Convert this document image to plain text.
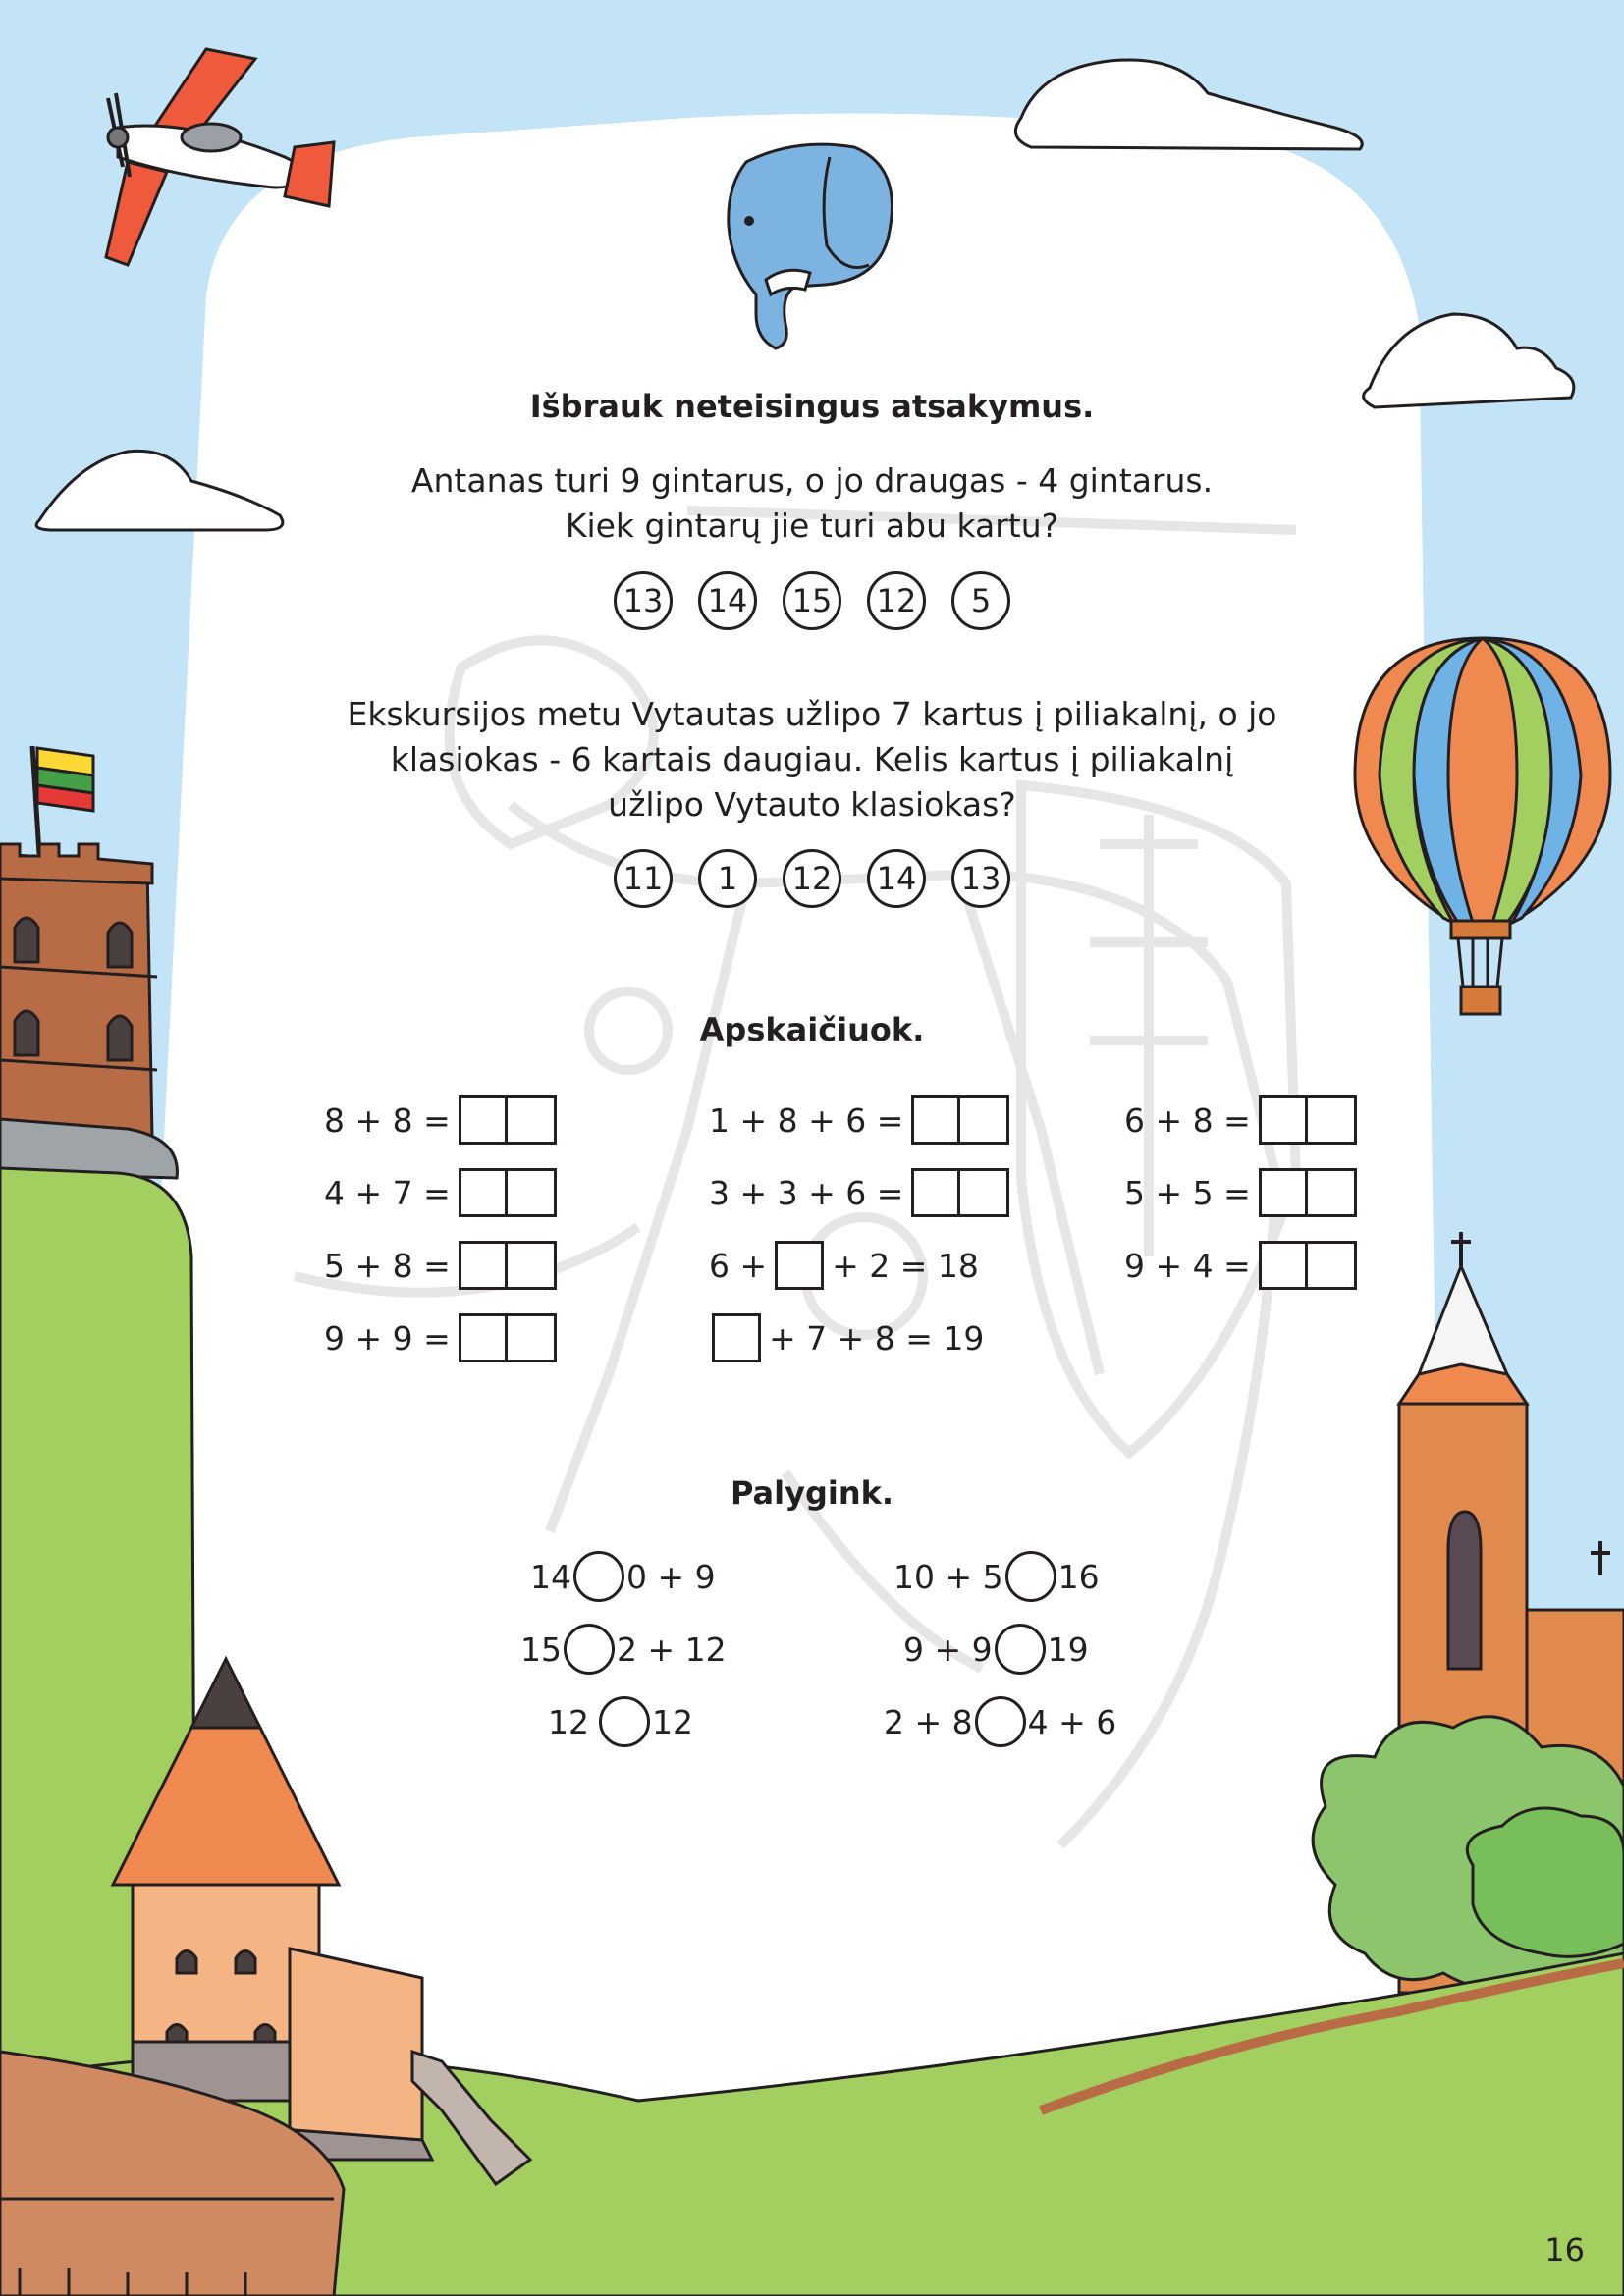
Išbrauk neteisingus atsakymus.
Antanas turi 9 gintarus, o jo draugas - 4 gintarus.
Kiek gintarų jie turi abu kartu?
13	14	15	12	5
Ekskursijos metu Vytautas užlipo 7 kartus į piliakalnį, o jo
klasiokas - 6 kartais daugiau. Kelis kartus į piliakalnį
užlipo Vytauto klasiokas?
11	1	12	14	13
Apskaičiuok.
8 + 8 =
4 + 7 =
5 + 8 =
9 + 9 =
1 + 8 + 6 =
3 + 3 + 6 =
6 + + 2 = 18
+ 7 + 8 = 19
6 + 8 =
5 + 5 =
9 + 4 =
Palygink.
14 0 + 9
15 2 + 12
12 12
10 + 5 16
9 + 9 19
2 + 8 4 + 6
16
